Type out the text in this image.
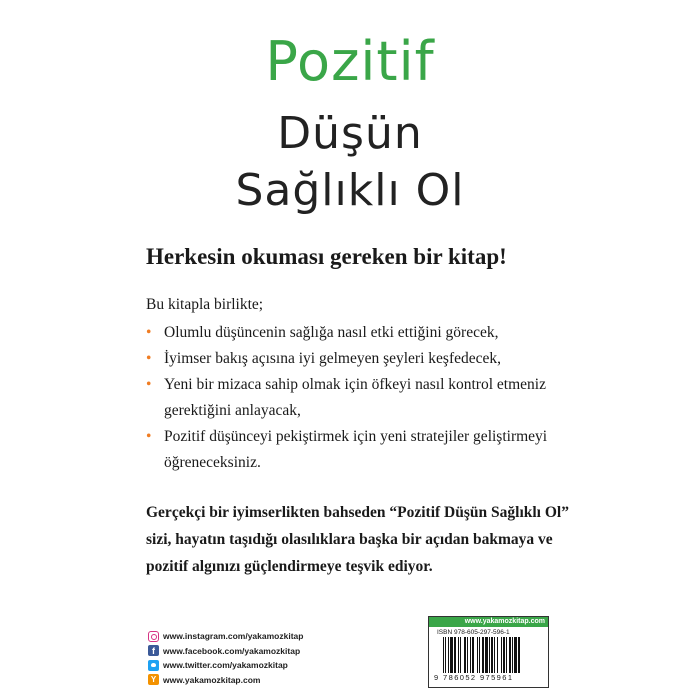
Pozitif
Düşün
Sağlıklı Ol
Herkesin okuması gereken bir kitap!
Bu kitapla birlikte;
• Olumlu düşüncenin sağlığa nasıl etki ettiğini görecek,
• İyimser bakış açısına iyi gelmeyen şeyleri keşfedecek,
• Yeni bir mizaca sahip olmak için öfkeyi nasıl kontrol etmeniz gerektiğini anlayacak,
• Pozitif düşünceyi pekiştirmek için yeni stratejiler geliştirmeyi öğreneceksiniz.
Gerçekçi bir iyimserlikten bahseden “Pozitif Düşün Sağlıklı Ol” sizi, hayatın taşıdığı olasılıklara başka bir açıdan bakmaya ve pozitif algınızı güçlendirmeye teşvik ediyor.
www.instagram.com/yakamozkitap
f www.facebook.com/yakamozkitap
www.twitter.com/yakamozkitap
Y www.yakamozkitap.com
www.yakamozkitap.com
ISBN 978-605-297-596-1
9 786052 975961
